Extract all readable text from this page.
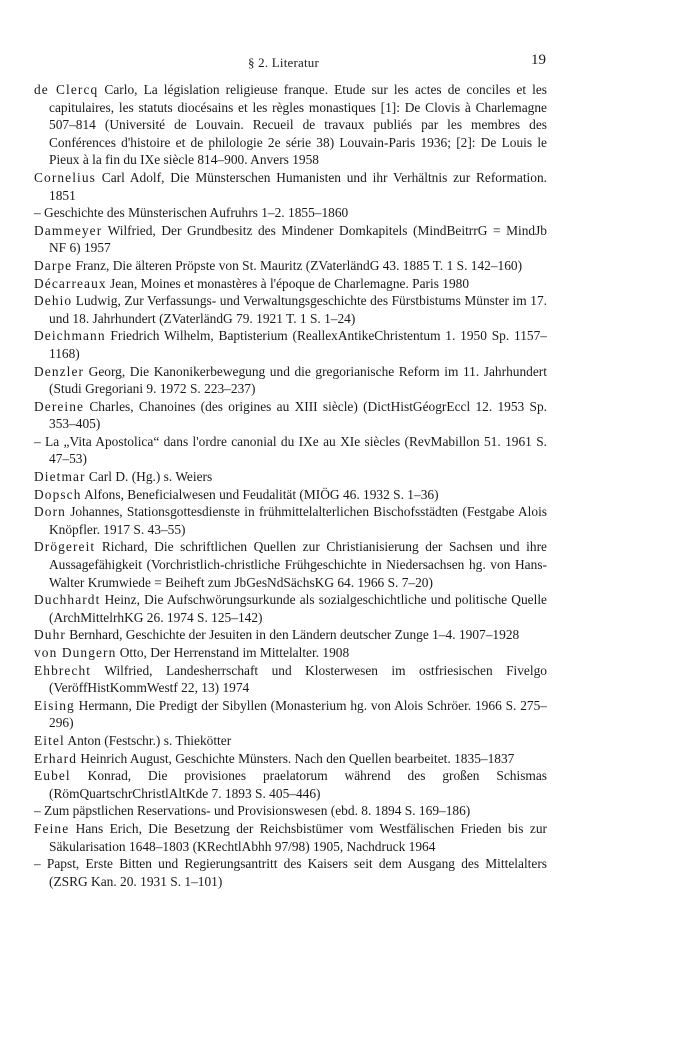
§ 2. Literatur	19

de Clercq Carlo, La législation religieuse franque. Etude sur les actes de conciles et les capitulaires, les statuts diocésains et les règles monastiques [1]: De Clovis à Charlemagne 507–814 (Université de Louvain. Recueil de travaux publiés par les membres des Conférences d'histoire et de philologie 2e série 38) Louvain-Paris 1936; [2]: De Louis le Pieux à la fin du IXe siècle 814–900. Anvers 1958

Cornelius Carl Adolf, Die Münsterschen Humanisten und ihr Verhältnis zur Reformation. 1851

– Geschichte des Münsterischen Aufruhrs 1–2. 1855–1860

Dammeyer Wilfried, Der Grundbesitz des Mindener Domkapitels (MindBeitrrG = MindJb NF 6) 1957

Darpe Franz, Die älteren Pröpste von St. Mauritz (ZVaterländG 43. 1885 T. 1 S. 142–160)

Décarreaux Jean, Moines et monastères à l'époque de Charlemagne. Paris 1980

Dehio Ludwig, Zur Verfassungs- und Verwaltungsgeschichte des Fürstbistums Münster im 17. und 18. Jahrhundert (ZVaterländG 79. 1921 T. 1 S. 1–24)

Deichmann Friedrich Wilhelm, Baptisterium (ReallexAntikeChristentum 1. 1950 Sp. 1157–1168)

Denzler Georg, Die Kanonikerbewegung und die gregorianische Reform im 11. Jahrhundert (Studi Gregoriani 9. 1972 S. 223–237)

Dereine Charles, Chanoines (des origines au XIII siècle) (DictHistGéogrEccl 12. 1953 Sp. 353–405)

– La „Vita Apostolica“ dans l'ordre canonial du IXe au XIe siècles (RevMabillon 51. 1961 S. 47–53)

Dietmar Carl D. (Hg.) s. Weiers

Dopsch Alfons, Beneficialwesen und Feudalität (MIÖG 46. 1932 S. 1–36)

Dorn Johannes, Stationsgottesdienste in frühmittelalterlichen Bischofsstädten (Festgabe Alois Knöpfler. 1917 S. 43–55)

Drögereit Richard, Die schriftlichen Quellen zur Christianisierung der Sachsen und ihre Aussagefähigkeit (Vorchristlich-christliche Frühgeschichte in Niedersachsen hg. von Hans-Walter Krumwiede = Beiheft zum JbGesNdSächsKG 64. 1966 S. 7–20)

Duchhardt Heinz, Die Aufschwörungsurkunde als sozialgeschichtliche und politische Quelle (ArchMittelrhKG 26. 1974 S. 125–142)

Duhr Bernhard, Geschichte der Jesuiten in den Ländern deutscher Zunge 1–4. 1907–1928

von Dungern Otto, Der Herrenstand im Mittelalter. 1908

Ehbrecht Wilfried, Landesherrschaft und Klosterwesen im ostfriesischen Fivelgo (VeröffHistKommWestf 22, 13) 1974

Eising Hermann, Die Predigt der Sibyllen (Monasterium hg. von Alois Schröer. 1966 S. 275–296)

Eitel Anton (Festschr.) s. Thiekötter

Erhard Heinrich August, Geschichte Münsters. Nach den Quellen bearbeitet. 1835–1837

Eubel Konrad, Die provisiones praelatorum während des großen Schismas (RömQuartschrChristlAltKde 7. 1893 S. 405–446)

– Zum päpstlichen Reservations- und Provisionswesen (ebd. 8. 1894 S. 169–186)

Feine Hans Erich, Die Besetzung der Reichsbistümer vom Westfälischen Frieden bis zur Säkularisation 1648–1803 (KRechtlAbhh 97/98) 1905, Nachdruck 1964

– Papst, Erste Bitten und Regierungsantritt des Kaisers seit dem Ausgang des Mittelalters (ZSRG Kan. 20. 1931 S. 1–101)
